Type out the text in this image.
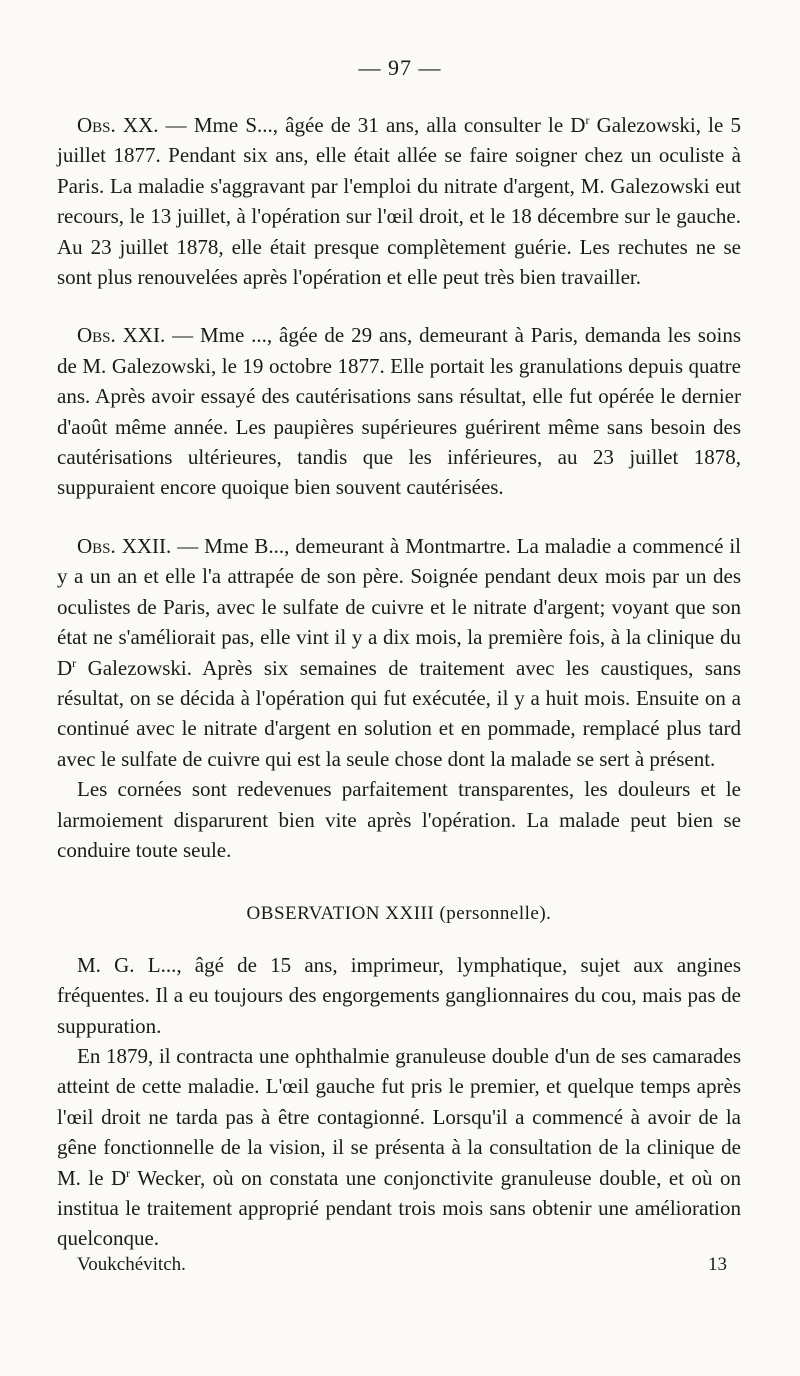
— 97 —

Obs. XX. — Mme S..., âgée de 31 ans, alla consulter le $D^r$ Galezowski, le 5 juillet 1877. Pendant six ans, elle était allée se faire soigner chez un oculiste à Paris. La maladie s'aggravant par l'emploi du nitrate d'argent, M. Galezowski eut recours, le 13 juillet, à l'opération sur l'œil droit, et le 18 décembre sur le gauche. Au 23 juillet 1878, elle était presque complètement guérie. Les rechutes ne se sont plus renouvelées après l'opération et elle peut très bien travailler.

Obs. XXI. — Mme ..., âgée de 29 ans, demeurant à Paris, demanda les soins de M. Galezowski, le 19 octobre 1877. Elle portait les granulations depuis quatre ans. Après avoir essayé des cautérisations sans résultat, elle fut opérée le dernier d'août même année. Les paupières supérieures guérirent même sans besoin des cautérisations ultérieures, tandis que les inférieures, au 23 juillet 1878, suppuraient encore quoique bien souvent cautérisées.

Obs. XXII. — Mme B..., demeurant à Montmartre. La maladie a commencé il y a un an et elle l'a attrapée de son père. Soignée pendant deux mois par un des oculistes de Paris, avec le sulfate de cuivre et le nitrate d'argent; voyant que son état ne s'améliorait pas, elle vint il y a dix mois, la première fois, à la clinique du $D^r$ Galezowski. Après six semaines de traitement avec les caustiques, sans résultat, on se décida à l'opération qui fut exécutée, il y a huit mois. Ensuite on a continué avec le nitrate d'argent en solution et en pommade, remplacé plus tard avec le sulfate de cuivre qui est la seule chose dont la malade se sert à présent.

Les cornées sont redevenues parfaitement transparentes, les douleurs et le larmoiement disparurent bien vite après l'opération. La malade peut bien se conduire toute seule.

OBSERVATION XXIII (personnelle).

M. G. L..., âgé de 15 ans, imprimeur, lymphatique, sujet aux angines fréquentes. Il a eu toujours des engorgements ganglionnaires du cou, mais pas de suppuration.

En 1879, il contracta une ophthalmie granuleuse double d'un de ses camarades atteint de cette maladie. L'œil gauche fut pris le premier, et quelque temps après l'œil droit ne tarda pas à être contagionné. Lorsqu'il a commencé à avoir de la gêne fonctionnelle de la vision, il se présenta à la consultation de la clinique de M. le $D^r$ Wecker, où on constata une conjonctivite granuleuse double, et où on institua le traitement approprié pendant trois mois sans obtenir une amélioration quelconque.

Voukchévitch.	13
